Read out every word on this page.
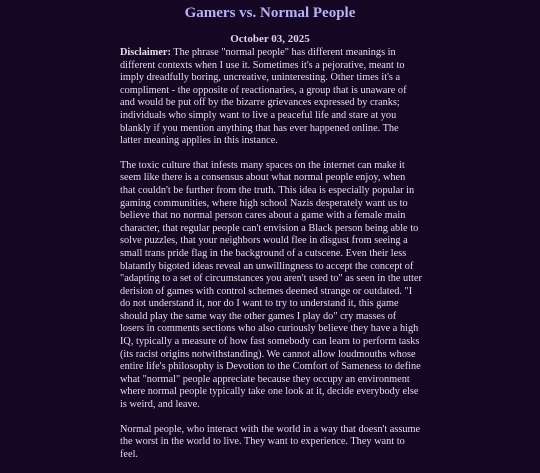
Gamers vs. Normal People
October 03, 2025

Disclaimer: The phrase "normal people" has different meanings in different contexts when I use it. Sometimes it's a pejorative, meant to imply dreadfully boring, uncreative, uninteresting. Other times it's a compliment - the opposite of reactionaries, a group that is unaware of and would be put off by the bizarre grievances expressed by cranks; individuals who simply want to live a peaceful life and stare at you blankly if you mention anything that has ever happened online. The latter meaning applies in this instance.

The toxic culture that infests many spaces on the internet can make it seem like there is a consensus about what normal people enjoy, when that couldn't be further from the truth. This idea is especially popular in gaming communities, where high school Nazis desperately want us to believe that no normal person cares about a game with a female main character, that regular people can't envision a Black person being able to solve puzzles, that your neighbors would flee in disgust from seeing a small trans pride flag in the background of a cutscene. Even their less blatantly bigoted ideas reveal an unwillingness to accept the concept of "adapting to a set of circumstances you aren't used to" as seen in the utter derision of games with control schemes deemed strange or outdated. "I do not understand it, nor do I want to try to understand it, this game should play the same way the other games I play do" cry masses of losers in comments sections who also curiously believe they have a high IQ, typically a measure of how fast somebody can learn to perform tasks (its racist origins notwithstanding). We cannot allow loudmouths whose entire life's philosophy is Devotion to the Comfort of Sameness to define what "normal" people appreciate because they occupy an environment where normal people typically take one look at it, decide everybody else is weird, and leave.

Normal people, who interact with the world in a way that doesn't assume the worst in the world to live. They want to experience. They want to feel.
